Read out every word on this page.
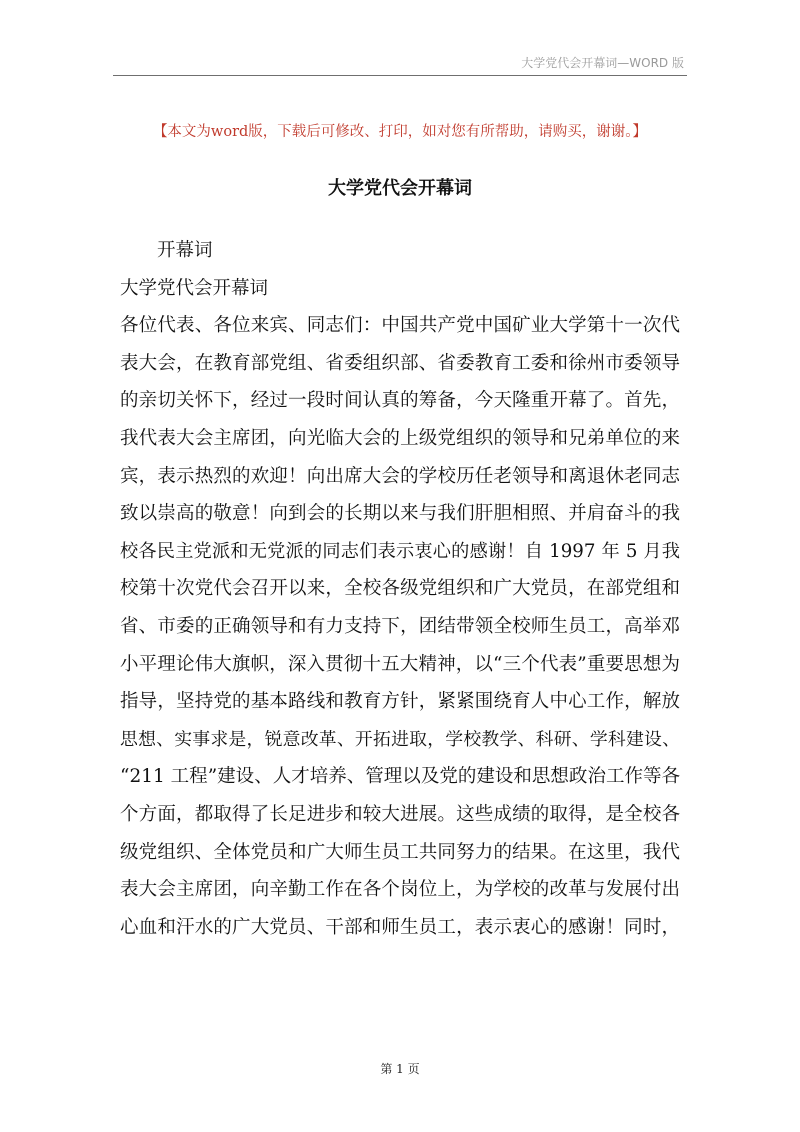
大学党代会开幕词—WORD 版
【本文为word版，下载后可修改、打印，如对您有所帮助，请购买，谢谢。】
大学党代会开幕词
开幕词
大学党代会开幕词
各位代表、各位来宾、同志们：中国共产党中国矿业大学第十一次代
表大会，在教育部党组、省委组织部、省委教育工委和徐州市委领导
的亲切关怀下，经过一段时间认真的筹备，今天隆重开幕了。首先，
我代表大会主席团，向光临大会的上级党组织的领导和兄弟单位的来
宾，表示热烈的欢迎！向出席大会的学校历任老领导和离退休老同志
致以崇高的敬意！向到会的长期以来与我们肝胆相照、并肩奋斗的我
校各民主党派和无党派的同志们表示衷心的感谢！自 1997 年 5 月我
校第十次党代会召开以来，全校各级党组织和广大党员，在部党组和
省、市委的正确领导和有力支持下，团结带领全校师生员工，高举邓
小平理论伟大旗帜，深入贯彻十五大精神，以“三个代表”重要思想为
指导，坚持党的基本路线和教育方针，紧紧围绕育人中心工作，解放
思想、实事求是，锐意改革、开拓进取，学校教学、科研、学科建设、
“211 工程”建设、人才培养、管理以及党的建设和思想政治工作等各
个方面，都取得了长足进步和较大进展。这些成绩的取得，是全校各
级党组织、全体党员和广大师生员工共同努力的结果。在这里，我代
表大会主席团，向辛勤工作在各个岗位上，为学校的改革与发展付出
心血和汗水的广大党员、干部和师生员工，表示衷心的感谢！同时，
第 1 页
